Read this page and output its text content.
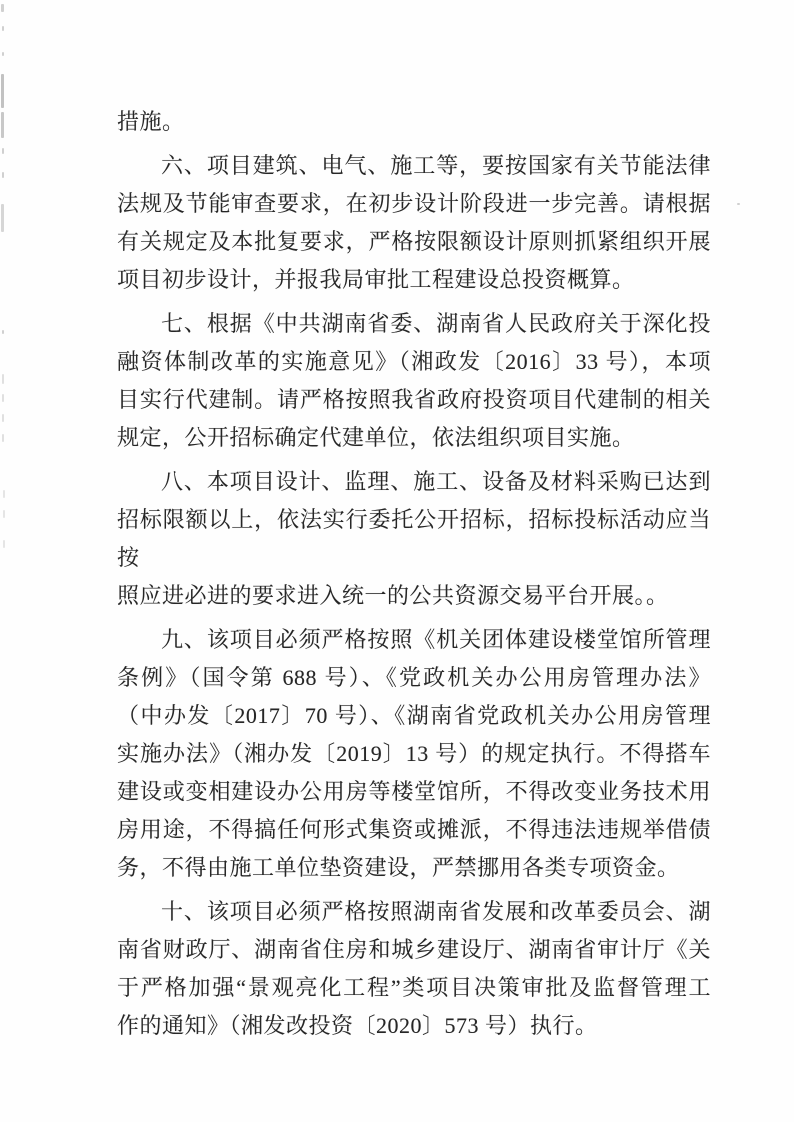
措施。

六、项目建筑、电气、施工等，要按国家有关节能法律
法规及节能审查要求，在初步设计阶段进一步完善。请根据
有关规定及本批复要求，严格按限额设计原则抓紧组织开展
项目初步设计，并报我局审批工程建设总投资概算。

七、根据《中共湖南省委、湖南省人民政府关于深化投
融资体制改革的实施意见》（湘政发〔2016〕33 号），本项
目实行代建制。请严格按照我省政府投资项目代建制的相关
规定，公开招标确定代建单位，依法组织项目实施。

八、本项目设计、监理、施工、设备及材料采购已达到
招标限额以上，依法实行委托公开招标，招标投标活动应当按
照应进必进的要求进入统一的公共资源交易平台开展。。

九、该项目必须严格按照《机关团体建设楼堂馆所管理
条例》（国令第 688 号）、《党政机关办公用房管理办法》
（中办发〔2017〕70 号）、《湖南省党政机关办公用房管理
实施办法》（湘办发〔2019〕13 号）的规定执行。不得搭车
建设或变相建设办公用房等楼堂馆所，不得改变业务技术用
房用途，不得搞任何形式集资或摊派，不得违法违规举借债
务，不得由施工单位垫资建设，严禁挪用各类专项资金。

十、该项目必须严格按照湖南省发展和改革委员会、湖
南省财政厅、湖南省住房和城乡建设厅、湖南省审计厅《关
于严格加强“景观亮化工程”类项目决策审批及监督管理工
作的通知》（湘发改投资〔2020〕573 号）执行。
